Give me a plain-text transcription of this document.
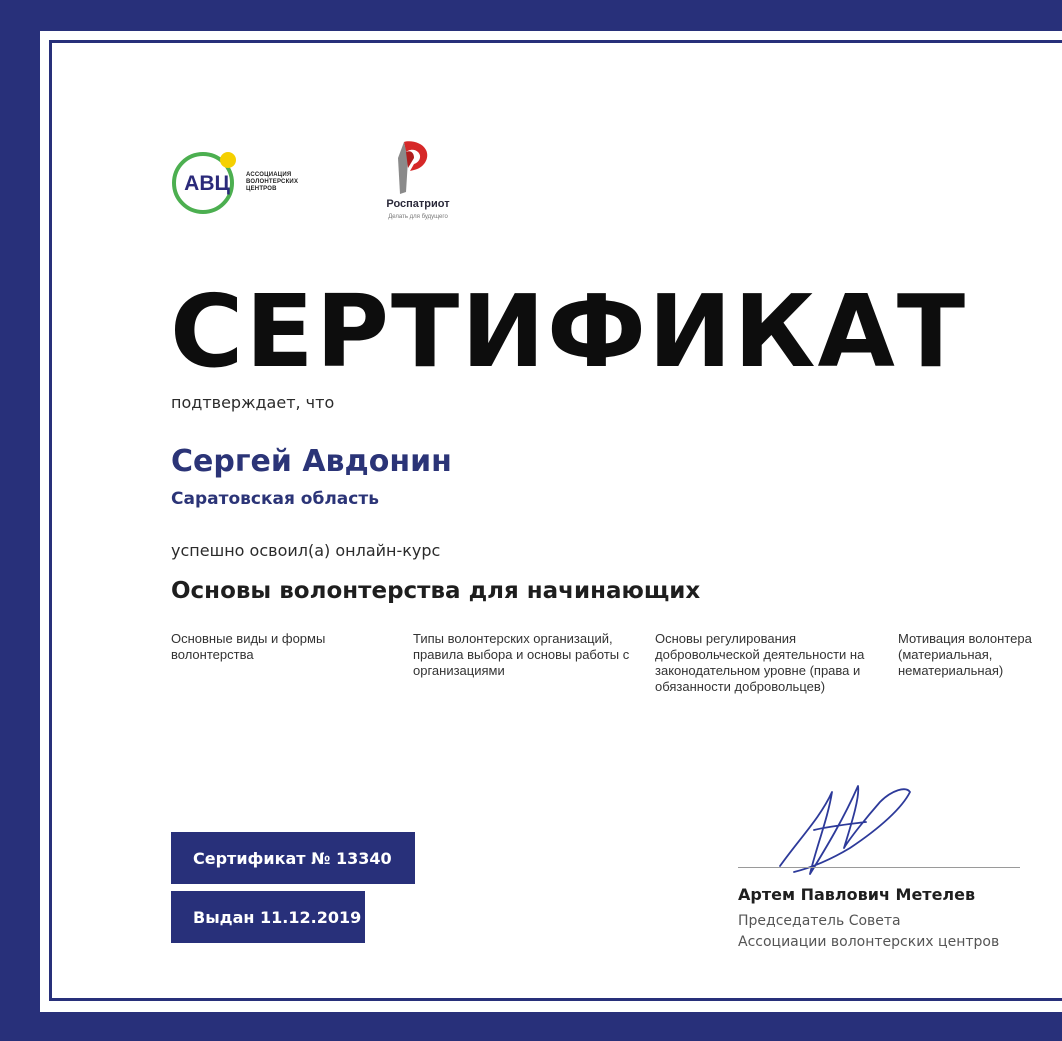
АВЦ	АССОЦИАЦИЯ
ВОЛОНТЕРСКИХ
ЦЕНТРОВ
Роспатриот
Делать для будущего
СЕРТИФИКАТ
подтверждает, что
Сергей Авдонин
Саратовская область
успешно освоил(а) онлайн-курс
Основы волонтерства для начинающих
Основные виды и формы волонтерства
Типы волонтерских организаций, правила выбора и основы работы с организациями
Основы регулирования добровольческой деятельности на законодательном уровне (права и обязанности добровольцев)
Мотивация волонтера (материальная, нематериальная)
Сертификат № 13340
Выдан 11.12.2019
Артем Павлович Метелев
Председатель Совета
Ассоциации волонтерских центров
